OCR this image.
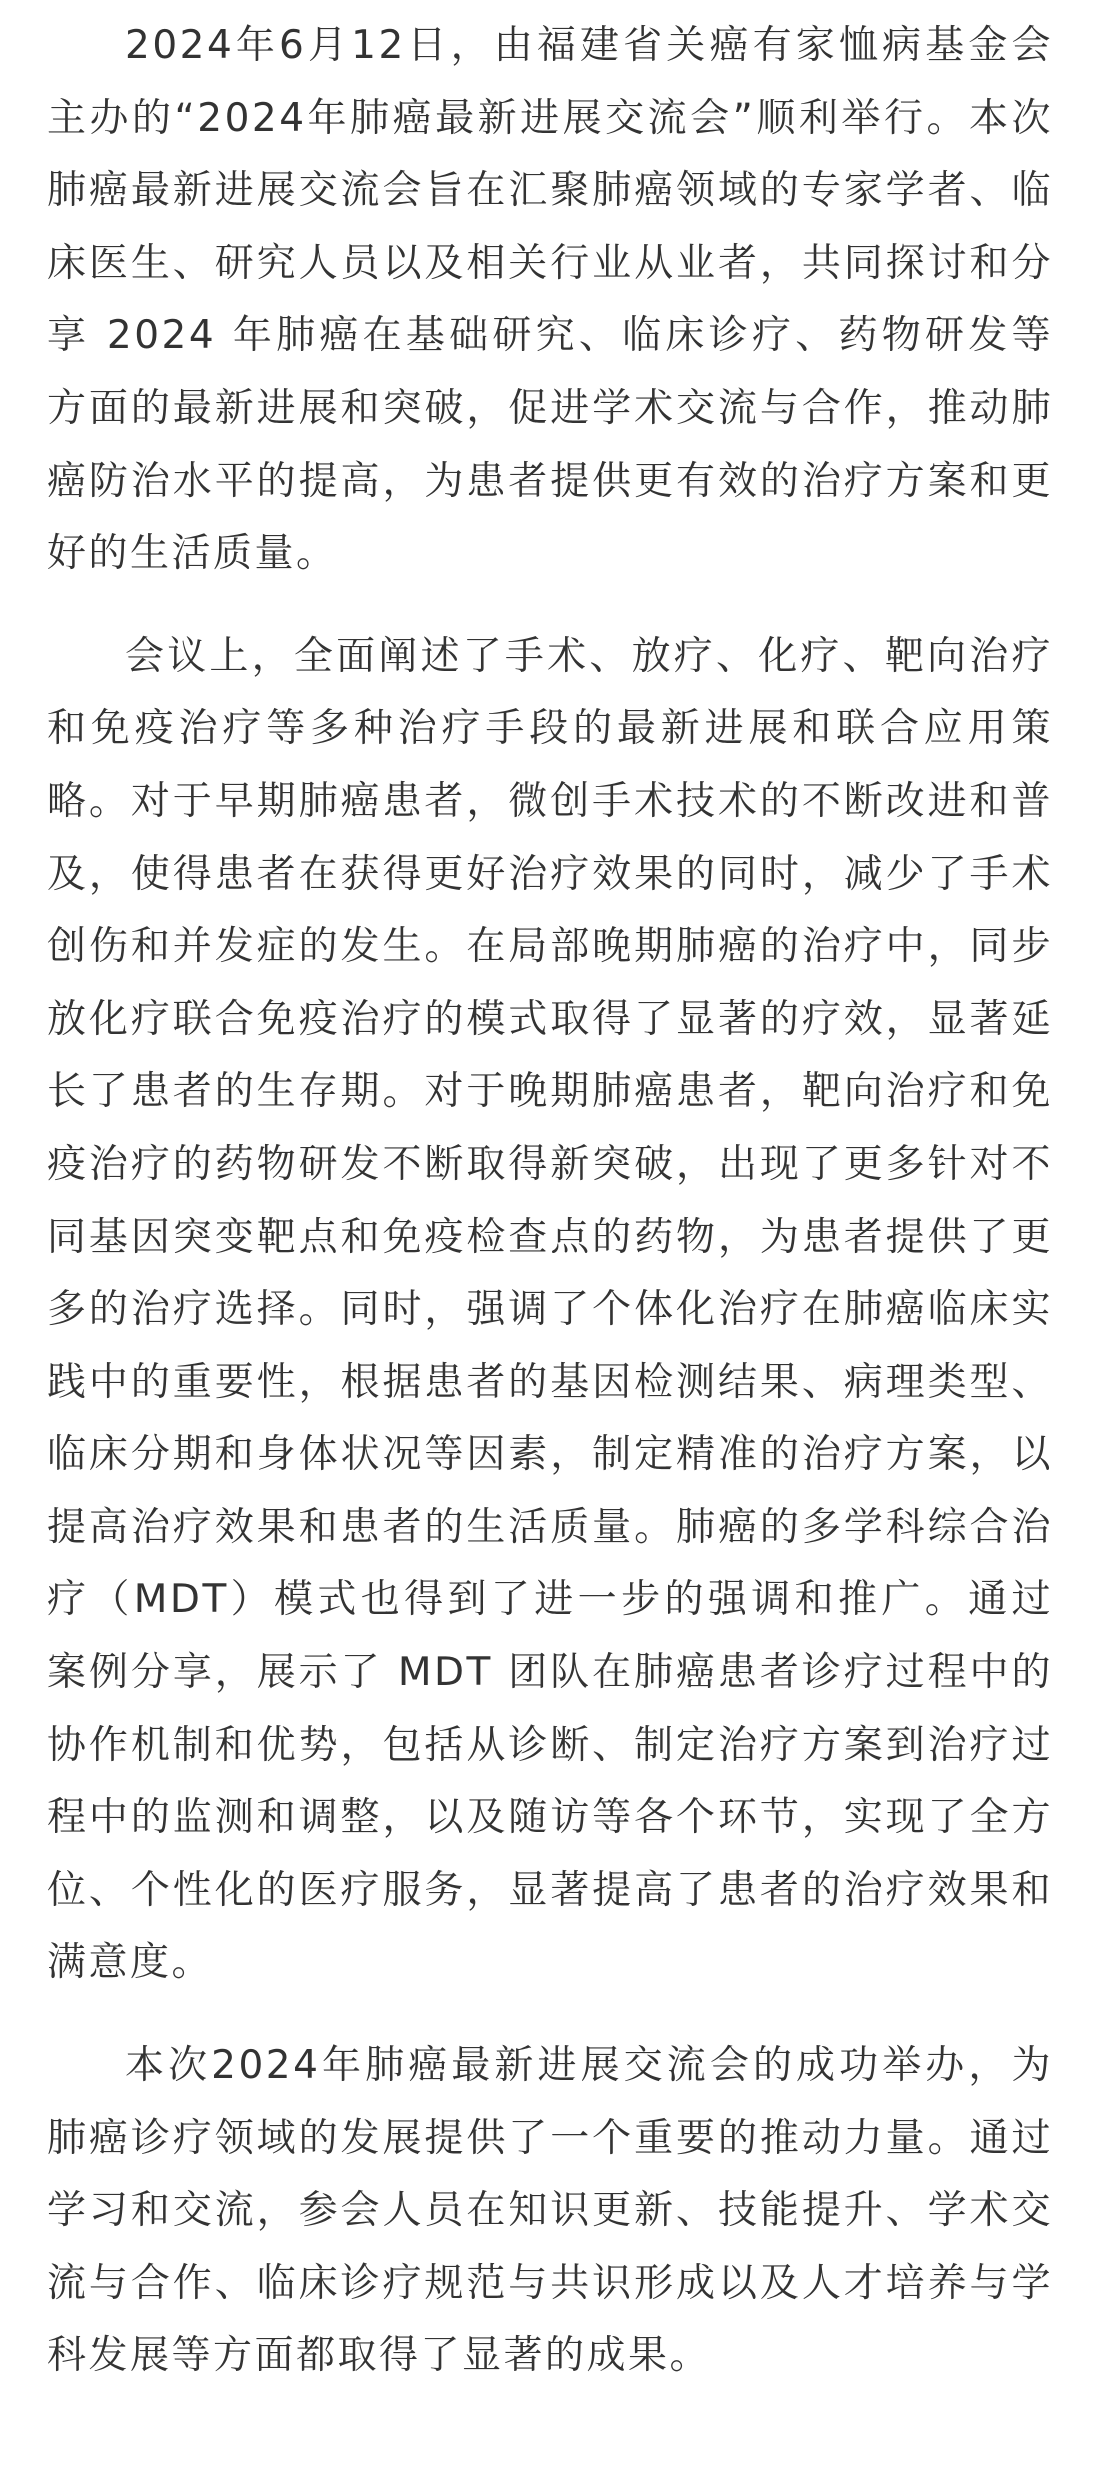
2024年6月12日，由福建省关癌有家恤病基金会主办的“2024年肺癌最新进展交流会”顺利举行。本次肺癌最新进展交流会旨在汇聚肺癌领域的专家学者、临床医生、研究人员以及相关行业从业者，共同探讨和分享 2024 年肺癌在基础研究、临床诊疗、药物研发等方面的最新进展和突破，促进学术交流与合作，推动肺癌防治水平的提高，为患者提供更有效的治疗方案和更好的生活质量。

会议上，全面阐述了手术、放疗、化疗、靶向治疗和免疫治疗等多种治疗手段的最新进展和联合应用策略。对于早期肺癌患者，微创手术技术的不断改进和普及，使得患者在获得更好治疗效果的同时，减少了手术创伤和并发症的发生。在局部晚期肺癌的治疗中，同步放化疗联合免疫治疗的模式取得了显著的疗效，显著延长了患者的生存期。对于晚期肺癌患者，靶向治疗和免疫治疗的药物研发不断取得新突破，出现了更多针对不同基因突变靶点和免疫检查点的药物，为患者提供了更多的治疗选择。同时，强调了个体化治疗在肺癌临床实践中的重要性，根据患者的基因检测结果、病理类型、临床分期和身体状况等因素，制定精准的治疗方案，以提高治疗效果和患者的生活质量。肺癌的多学科综合治疗（MDT）模式也得到了进一步的强调和推广。通过案例分享，展示了 MDT 团队在肺癌患者诊疗过程中的协作机制和优势，包括从诊断、制定治疗方案到治疗过程中的监测和调整，以及随访等各个环节，实现了全方位、个性化的医疗服务，显著提高了患者的治疗效果和满意度。

本次2024年肺癌最新进展交流会的成功举办，为肺癌诊疗领域的发展提供了一个重要的推动力量。通过学习和交流，参会人员在知识更新、技能提升、学术交流与合作、临床诊疗规范与共识形成以及人才培养与学科发展等方面都取得了显著的成果。
